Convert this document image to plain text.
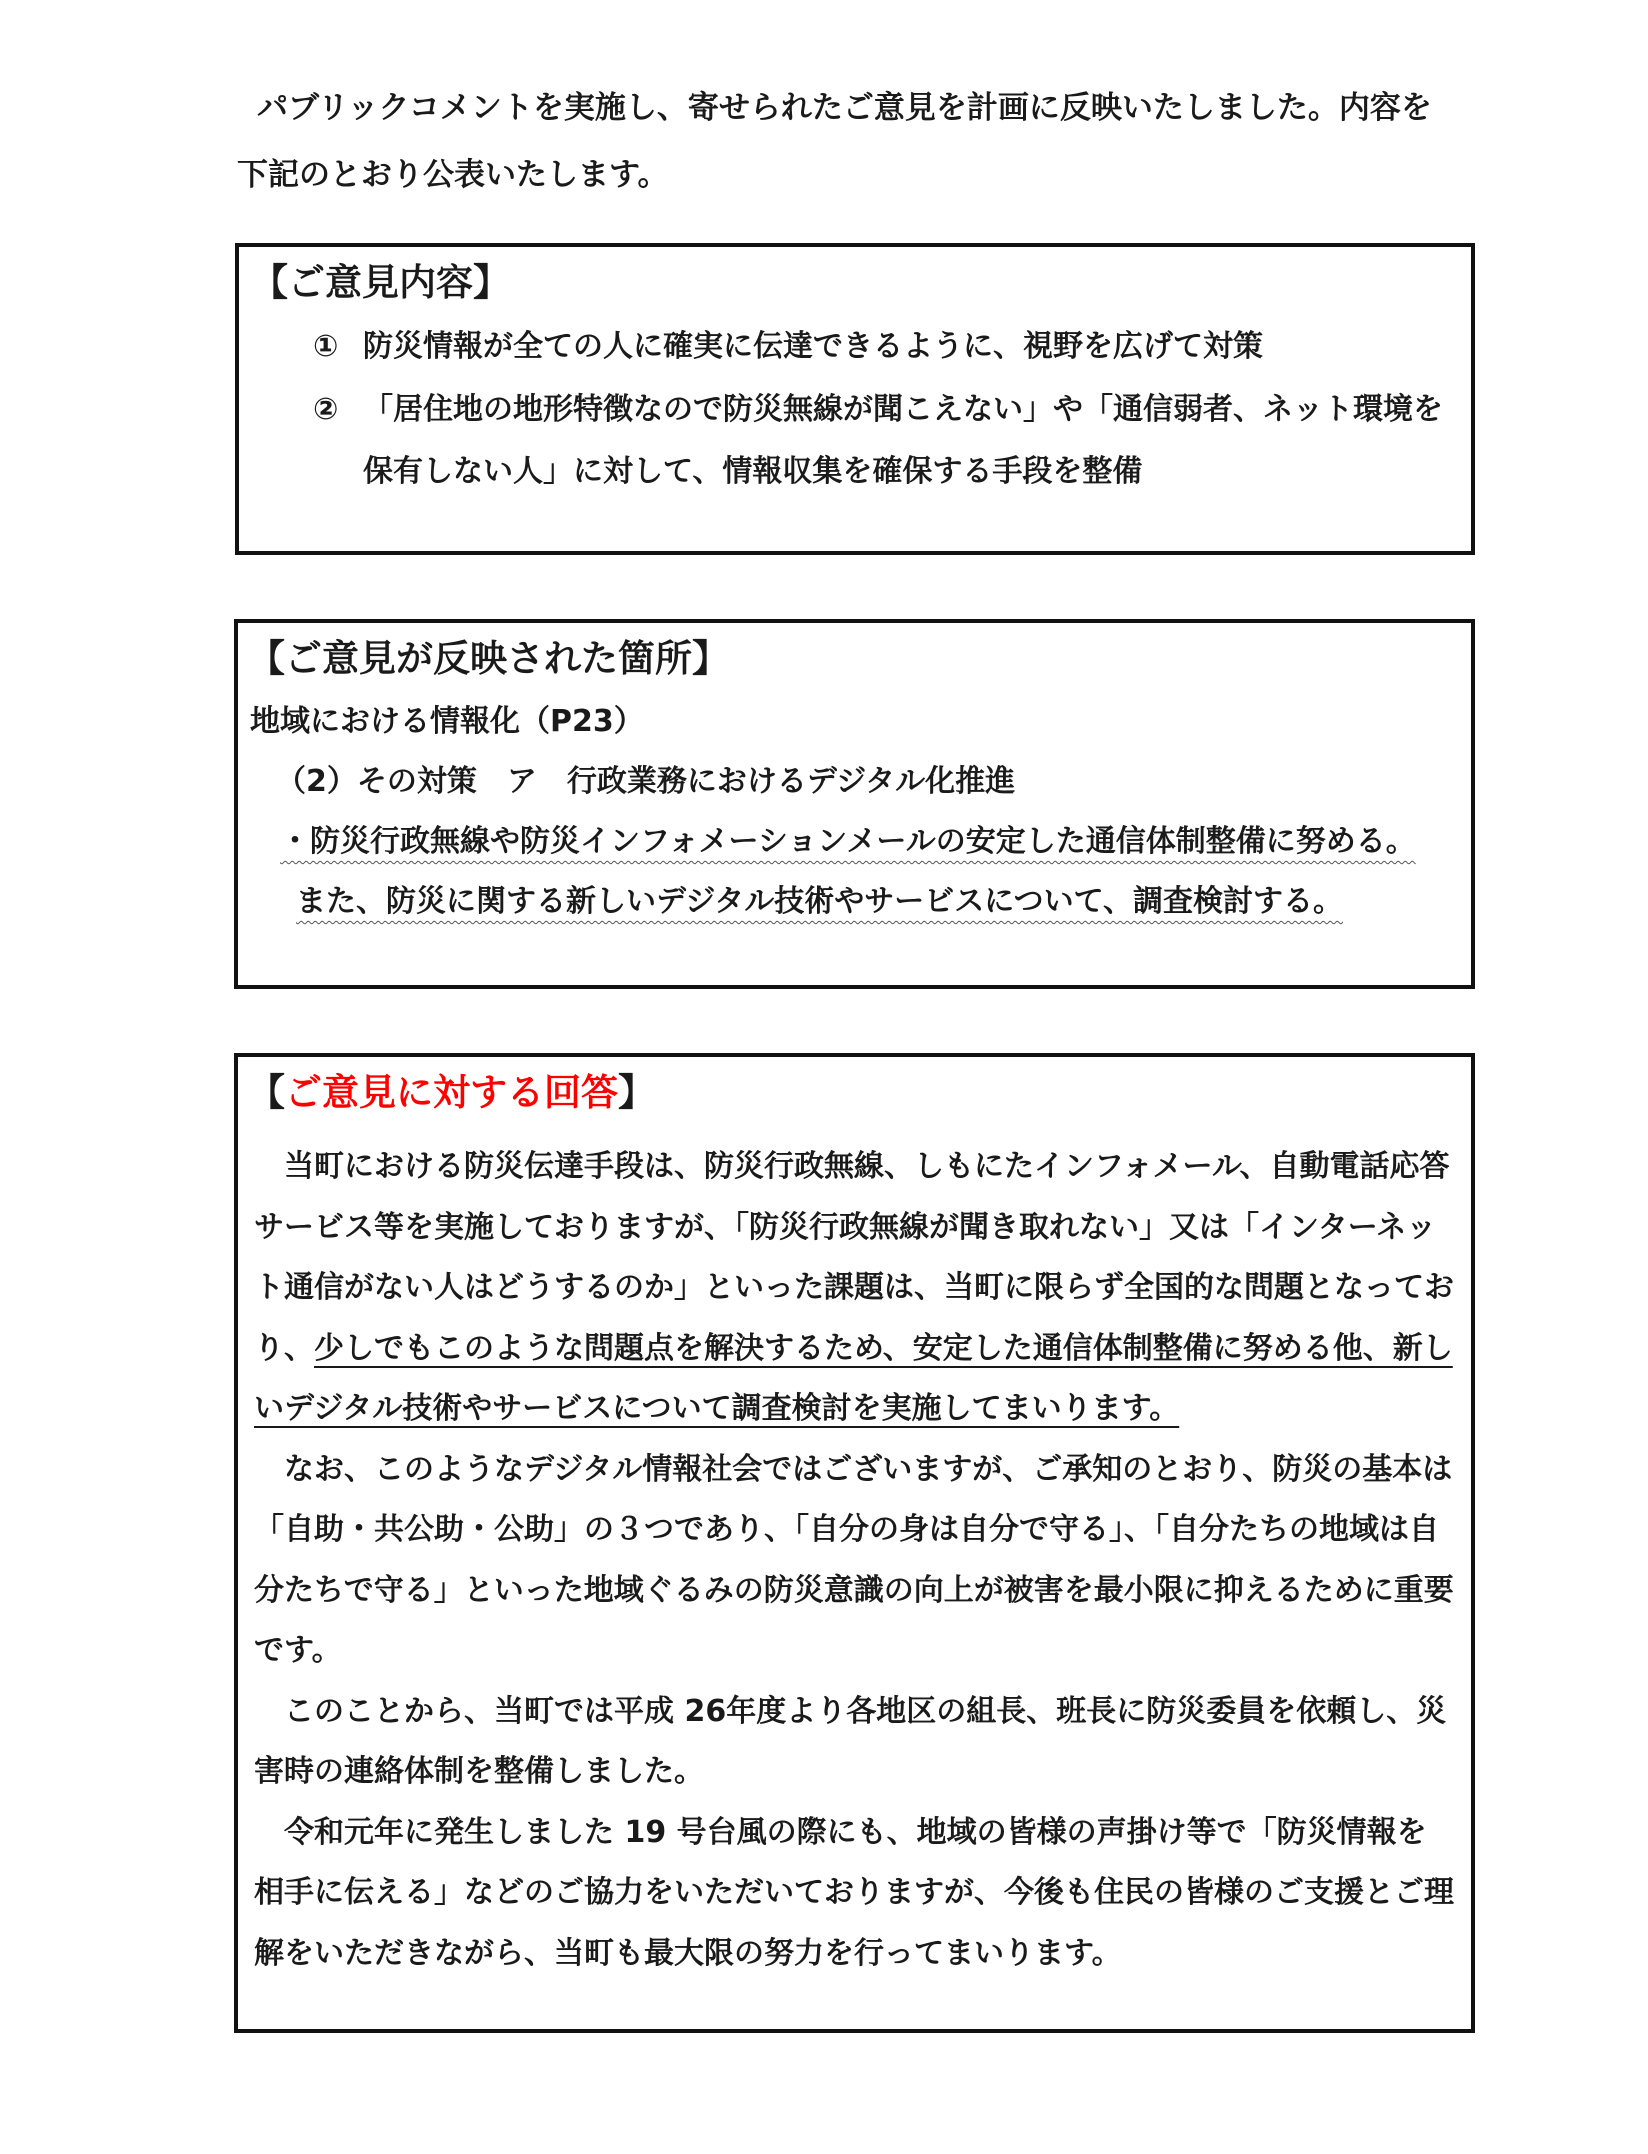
パブリックコメントを実施し、寄せられたご意見を計画に反映いたしました。内容を

下記のとおり公表いたします。

【ご意見内容】
① 防災情報が全ての人に確実に伝達できるように、視野を広げて対策
② 「居住地の地形特徴なので防災無線が聞こえない」や「通信弱者、ネット環境を
保有しない人」に対して、情報収集を確保する手段を整備
【ご意見が反映された箇所】
地域における情報化（P23）
（2）その対策　ア　行政業務におけるデジタル化推進
・防災行政無線や防災インフォメーションメールの安定した通信体制整備に努める。
また、防災に関する新しいデジタル技術やサービスについて、調査検討する。
【ご意見に対する回答】

当町における防災伝達手段は、防災行政無線、しもにたインフォメール、自動電話応答サービス等を実施しておりますが、「防災行政無線が聞き取れない」又は「インターネット通信がない人はどうするのか」といった課題は、当町に限らず全国的な問題となっており、少しでもこのような問題点を解決するため、安定した通信体制整備に努める他、新しいデジタル技術やサービスについて調査検討を実施してまいります。

なお、このようなデジタル情報社会ではございますが、ご承知のとおり、防災の基本は「自助・共公助・公助」の３つであり、「自分の身は自分で守る」、「自分たちの地域は自分たちで守る」といった地域ぐるみの防災意識の向上が被害を最小限に抑えるために重要です。

このことから、当町では平成 26年度より各地区の組長、班長に防災委員を依頼し、災害時の連絡体制を整備しました。

令和元年に発生しました 19 号台風の際にも、地域の皆様の声掛け等で「防災情報を相手に伝える」などのご協力をいただいておりますが、今後も住民の皆様のご支援とご理解をいただきながら、当町も最大限の努力を行ってまいります。
